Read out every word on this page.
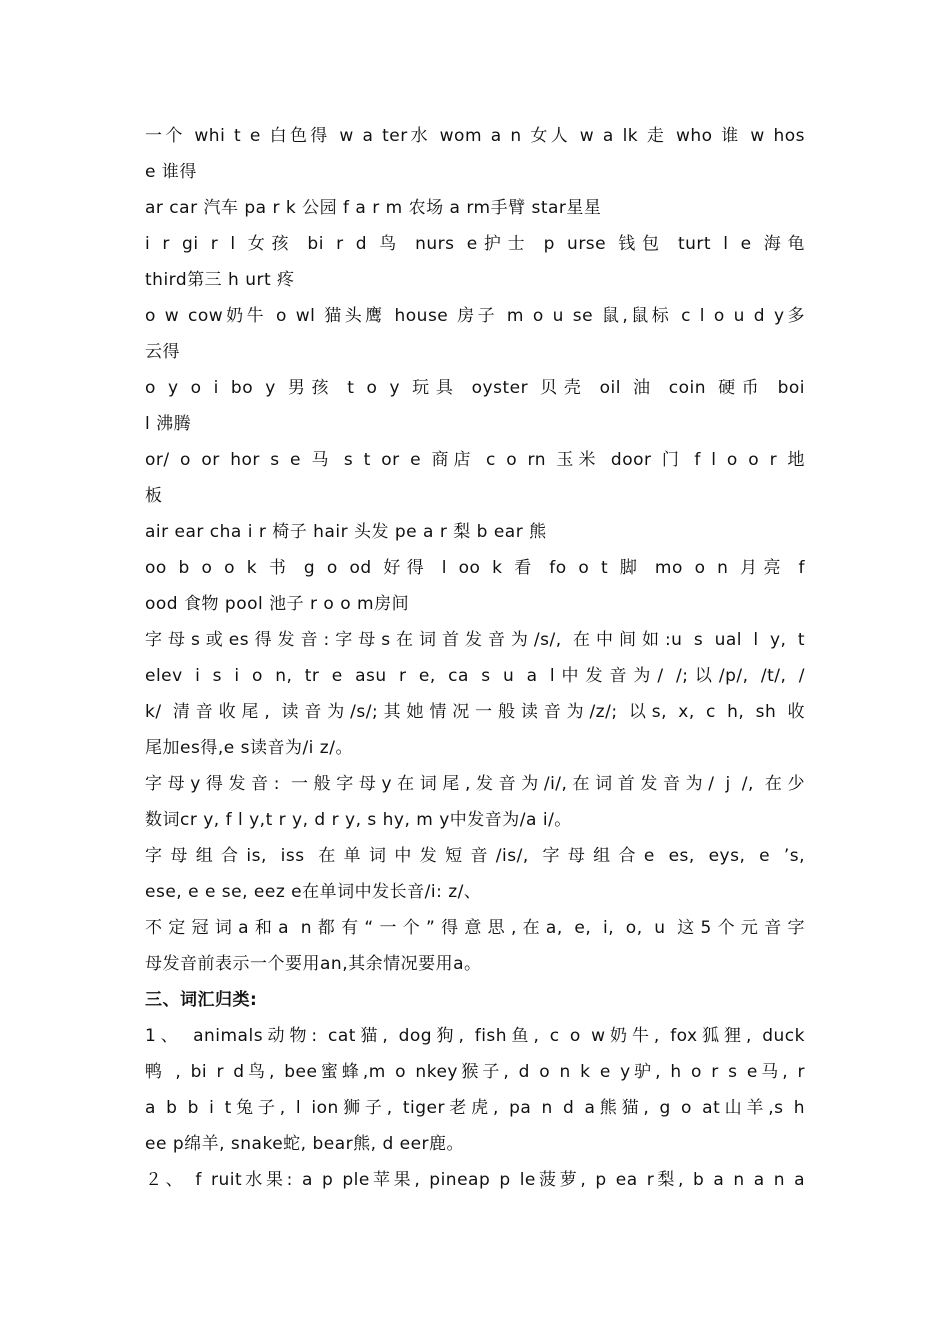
一个 whi t e 白色得 w a ter水 wom a n 女人 w a lk 走 who 谁 w hos
e 谁得
ar car 汽车 pa r k 公园 f a r m 农场 a rm手臂 star星星
i r gi r l 女孩 bi r d 鸟 nurs e护士 p urse 钱包 turt l e 海龟
third第三 h urt 疼
o w cow奶牛 o wl 猫头鹰 house 房子 m o u se 鼠,鼠标 c l o u d y多
云得
o y o i bo y 男孩 t o y 玩具 oyster 贝壳 oil 油 coin 硬币 boi
l 沸腾
or/ o or hor s e 马 s t or e 商店 c o rn 玉米 door 门 f l o o r 地
板
air ear cha i r 椅子 hair 头发 pe a r 梨 b ear 熊
oo b o o k 书 g o od 好得 l oo k 看 fo o t 脚 mo o n 月亮 f
ood 食物 pool 池子 r o o m房间
字母s或es得发音:字母s在词首发音为/s/, 在中间如:u s ual l y, t
elev i s i o n, tr e asu r e, ca s u a l中发音为/ /;以/p/, /t/, /
k/ 清音收尾, 读音为/s/;其她情况一般读音为/z/; 以s, x, c h, sh 收
尾加es得,e s读音为/i z/。
字母y得发音: 一般字母y在词尾,发音为/i/,在词首发音为/ j /, 在少
数词cr y, f l y,t r y, d r y, s hy, m y中发音为/a i/。
字母组合is, iss 在单词中发短音/is/, 字母组合e es, eys, e ’s,
ese, e e se, eez e在单词中发长音/i: z/、
不定冠词a和a n都有“一个”得意思,在a, e, i, o, u 这5个元音字
母发音前表示一个要用an,其余情况要用a。
三、词汇归类:
1、 animals动物: cat猫, dog狗, fish鱼, c o w奶牛, fox狐狸, duck
鸭 , bi r d鸟, bee蜜蜂,m o nkey猴子, d o n k e y驴, h o r s e马, r
a b b i t兔子, l ion狮子, tiger老虎, pa n d a熊猫, g o at山羊,s h
ee p绵羊, snake蛇, bear熊, d eer鹿。
２、 f ruit水果: a p ple苹果, pineap p le菠萝, p ea r梨, b a n a n a
